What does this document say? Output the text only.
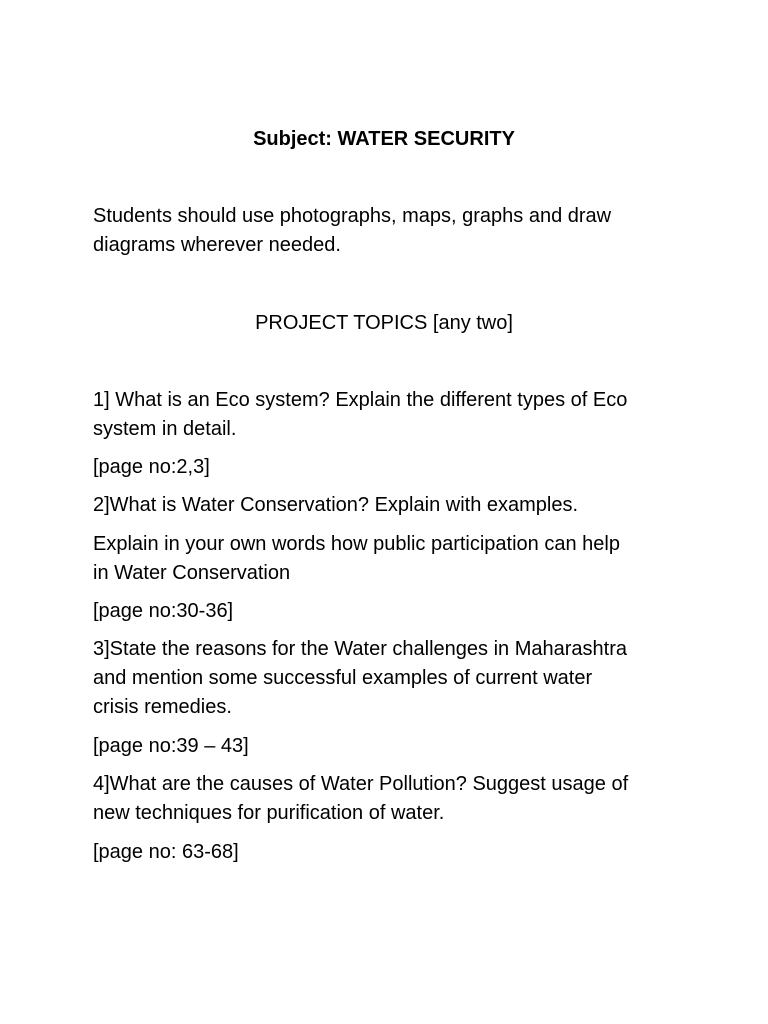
Subject: WATER SECURITY
Students should use photographs, maps, graphs and draw
diagrams wherever needed.
PROJECT TOPICS [any two]
1] What is an Eco system? Explain the different types of Eco
system in detail.
[page no:2,3]
2]What is Water Conservation? Explain with examples.
Explain in your own words how public participation can help
in Water Conservation
[page no:30-36]
3]State the reasons for the Water challenges in Maharashtra
and mention some successful examples of current water
crisis remedies.
[page no:39 – 43]
4]What are the causes of Water Pollution? Suggest usage of
new techniques for purification of water.
[page no: 63-68]
